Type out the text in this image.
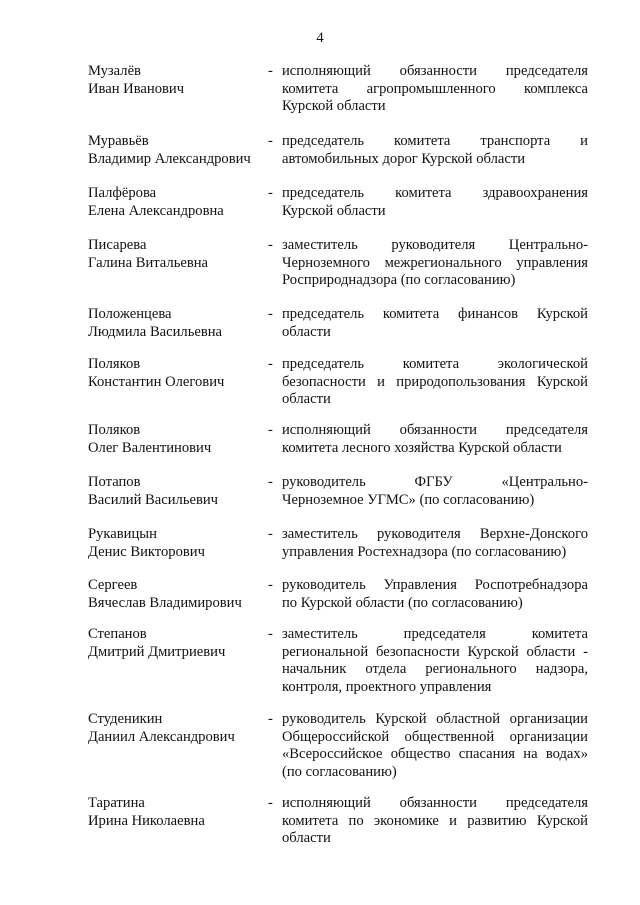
4
Музалёв
Иван Иванович
- исполняющий обязанности председателя
комитета агропромышленного комплекса
Курской области
Муравьёв
Владимир Александрович
- председатель комитета транспорта и
автомобильных дорог Курской области
Палфёрова
Елена Александровна
- председатель комитета здравоохранения
Курской области
Писарева
Галина Витальевна
- заместитель руководителя Центрально-
Черноземного межрегионального управления
Росприроднадзора (по согласованию)
Положенцева
Людмила Васильевна
- председатель комитета финансов Курской
области
Поляков
Константин Олегович
- председатель комитета экологической
безопасности и природопользования Курской
области
Поляков
Олег Валентинович
- исполняющий обязанности председателя
комитета лесного хозяйства Курской области
Потапов
Василий Васильевич
- руководитель ФГБУ «Центрально-
Черноземное УГМС» (по согласованию)
Рукавицын
Денис Викторович
- заместитель руководителя Верхне-Донского
управления Ростехнадзора (по согласованию)
Сергеев
Вячеслав Владимирович
- руководитель Управления Роспотребнадзора
по Курской области (по согласованию)
Степанов
Дмитрий Дмитриевич
- заместитель председателя комитета
региональной безопасности Курской области -
начальник отдела регионального надзора,
контроля, проектного управления
Студеникин
Даниил Александрович
- руководитель Курской областной организации
Общероссийской общественной организации
«Всероссийское общество спасания на водах»
(по согласованию)
Таратина
Ирина Николаевна
- исполняющий обязанности председателя
комитета по экономике и развитию Курской
области
